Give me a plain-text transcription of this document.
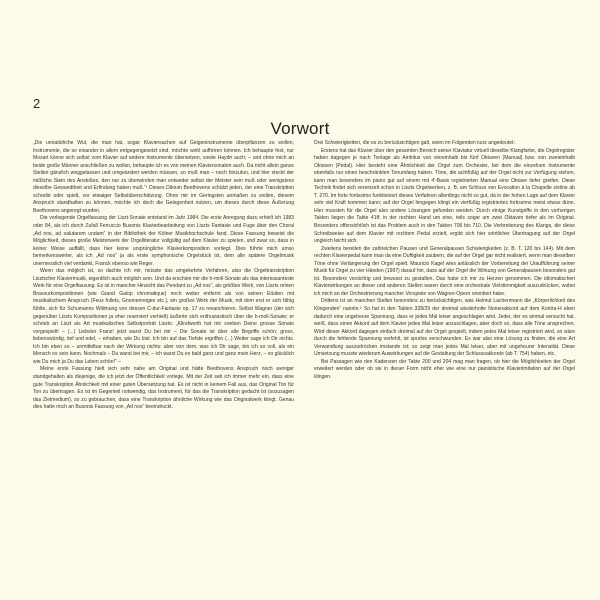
2
Vorwort

„Die unnatürliche Wut, die man hat, sogar Klaviersachen auf Geigeninstrumente überpflanzen zu wollen, Instrumente, die so einander in allem entgegengesetzt sind, möchte wohl aufhören können. Ich behaupte fest, nur Mozart könne sich selbst vom Klavier auf andere Instrumente übersetzen, sowie Haydn auch; – und ohne mich an beide große Männer anschließen zu wollen, behaupte ich es von meinen Klaviersonaten auch. Da nicht allein ganze Stellen gänzlich weggelassen und umgeändert werden müssen, so muß man – noch hinzutun, und hier steckt der mißliche Stein des Anstoßes, den nur zu überwinden man entweder selbst der Meister sein muß oder wenigstens dieselbe Gewandtheit und Erfindung haben muß.“¹ Dieses Diktum Beethovens schützt jeden, der eine Transkription schreibt oder spielt, vor etwaiger Selbstüberschätzung. Ohne mir im Geringsten anmaßen zu wollen, diesem Anspruch standhalten zu können, möchte ich doch die Gelegenheit nutzen, um dieses durch diese Äußerung Beethovens angeregt wurden.

Die vorliegende Orgelfassung der Liszt-Sonate entstand im Jahr 1984. Die erste Anregung dazu erhielt ich 1983 oder 84, als ich durch Zufall Ferruccio Busonis Klavierbearbeitung von Liszts Fantasie und Fuge über den Choral „Ad nos, ad salutarem undam“ in der Bibliothek der Kölner Musikhochschule fand. Diese Fassung beweist die Möglichkeit, dieses große Meisterwerk der Orgelliteratur vollgültig auf dem Klavier zu spielen, und zwar so, dass in keiner Weise auffällt, dass hier keine ursprüngliche Klavierkomposition vorliegt. Dies führte mich umso bemerkenswerter, als ich „Ad nos“ ja als erste symphonische Orgelstück ist, dem alle spätere Orgelmusik unermesslich viel verdankt, Franck ebenso wie Reger.

Wenn das möglich ist, so dachte ich mir, müsste das umgekehrte Verfahren, also die Orgeltranskription Lisztscher Klaviermusik, eigentlich auch möglich sein. Und da erschien mir die h-moll-Sonate als das interessanteste Werk für eine Orgelfassung. Es ist in mancher Hinsicht das Pendant zu „Ad nos“, als größtes Werk, von Liszts reinen Bravourkompositionen (wie Grand Galop chromatique) noch weiter entfernt als von seinen Etüden mit musikalischem Anspruch (Feux follets, Gnomenreigen etc.), ein großes Werk der Musik, mit dem erst er sich fähig fühlte, sich für Schumanns Widmung von dessen C-dur-Fantasie op. 17 zu revanchieren. Selbst Wagner (der sich gegenüber Liszts Kompositionen ja eher reserviert verhielt) äußerte sich enthusiastisch über die h-moll-Sonate; er schrieb an Liszt als Art musikalisches Selbstporträt Liszts: „Klindworth hat mir soeben Deine grosse Sonate vorgespielt! – (...) Liebster Franz! jetzt warst Du bei mir – Die Sonate ist über alle Begriffe schön; gross, liebenswürdig, tief und edel, – erhaben, wie Du bist. Ich bin auf das Tiefste ergriffen (...) Weiter sage ich Dir nichts. Ich bin eben so – unmittelbar nach der Wirkung nichts: aber von dem, was ich Dir sage, bin ich so voll, als ein Mensch es sein kann. Nochmals – Du warst bei mir, – ich warst Du es bald ganz und ganz mein Herz, – so glücklich wie Du mich ja Du das Leben schön!“ –

Meine erste Fassung hielt sich sehr nahe am Original und hätte Beethovens Anspruch noch weniger standgehalten als diejenige, die ich jetzt der Öffentlichkeit vorlege. Mit der Zeit sah ich immer mehr ein, dass eine gute Transkription Ähnlichkeit mit einer guten Übersetzung hat. Es ist nicht in keinem Fall aus, das Original Ton für Ton zu übertragen. Es ist im Gegenteil notwendig, das Instrument, für das die Transkription gedacht ist (sozusagen das Zielmedium), so zu gebrauchen, dass eine Transkription ähnliche Wirkung wie das Originalwerk klingt. Genau dies hatte mich an Busonis Fassung von „Ad nos“ beeindruckt.

Drei Schwierigkeiten, die es zu berücksichtigen galt, seien im Folgenden kurz angedeutet:

Erstens hat das Klavier über den gesamten Bereich seiner Klaviatur virtuell dieselbe Klangfarbe, die Orgelregister haben dagegen je nach Tonlage als Ambitus von viereinhalb bis fünf Oktaven (Manual) bzw. von zweieinhalb Oktaven (Pedal). Hier besteht eine Ähnlichkeit der Orgel zum Orchester, bei dem die einzelnen Instrumente ebenfalls nur einen beschränkten Tonumfang haben. Töne, die achtfüßig auf der Orgel nicht zur Verfügung stehen, kann man besonders im piano gut auf einem mit 4'-Basis registrierten Manual eine Oktave tiefer greifen. Diese Technik findet sich vereinzelt schon in Liszts Orgelwerken, z. B. am Schluss von Evocation à la Chapelle sixtine ab T. 270. Im forte fortissimo funktioniert dieses Verfahren allerdings nicht so gut, da in der hohen Lage auf dem Klavier sehr viel Kraft kommen kann; auf der Orgel hingegen klingt ein vierfüßig registriertes fortissimo meist etwas dünn. Hier mussten für die Orgel also andere Lösungen gefunden werden. Durch einige Kunstgriffe in den vorherigen Takten liegen die Takte 41ff. in der rechten Hand um eine, teils sogar um zwei Oktaven tiefer als im Original. Besonders offensichtlich ist das Problem auch in den Takten 706 bis 710. Die Verbreiterung des Klangs, die diese Schreibweise auf dem Klavier mit rechtem Pedal erzielt, ergibt sich hier wörtlicher Übertragung auf der Orgel ungleich leicht sich.

Zweitens bereiten die zahlreichen Pausen und Generalpausen Schwierigkeiten (z. B. T. 120 bis 144). Mit dem rechten Klavierpedal kann man da eine Duftigkeit zaubern, die auf der Orgel gar nicht realisiert, wenn man dieselben Töne ohne Verlängerung der Orgel spielt. Mauricio Kagel wies anlässlich der Vorbereitung der Uraufführung seiner Musik für Orgel zu vier Händen (1997) darauf hin, dass auf der Orgel die Wirkung von Generalpausen besonders gut ist. Besonders vorsichtig und bewusst zu gestalten. Das habe ich mir zu Herzen genommen. Die idiomatischen Klavierwirkungen an dieser und anderen Stellen waren durch eine orchestrale Vielstimmigkeit auszudrücken, wobei ich mich an der Orchestrierung mancher Vorspiele von Wagner-Opern orientiert habe.

Drittens ist an manchen Stellen besonders zu berücksichtigen, was Helmut Lachenmann die „Körperlichkeit des Klingenden“ nannte.² So hat in den Takten 328/29 der dreimal wiederholte Nonenakkord auf dem Kontra-H eben dadurch eine ungeheure Spannung, dass er jedes Mal leiser angeschlagen wird. Jeder, der es einmal versucht hat, weiß, dass einen Akkord auf dem Klavier jedes Mal leiser anzuschlagen, aber doch so, dass alle Töne ansprechen. Wird dieser Akkord dagegen einfach dreimal auf der Orgel gespielt, indem jedes Mal leiser registriert wird, so wäre durch die fehlende Spannung verfehlt, ist spurlos verschwunden. Es war also eine Lösung zu finden, die eine Art Verwandlung auszudrücken imstande ist; so zeigt man jedes Mal leiser, aber mit ungeheurer Intensität. Diese Umsetzung musste wiederum Auswirkungen auf die Gestaltung der Schlusssakkorde (ab T. 754) haben, etc.

Bei Passagen wie den Kadenzen der Takte 200 und 204 mag man fragen, ob hier die Möglichkeiten der Orgel erweitert werden oder ob sie in dieser Form nicht eher wie eine nur pianistische Klavierimitation auf der Orgel klingen.
